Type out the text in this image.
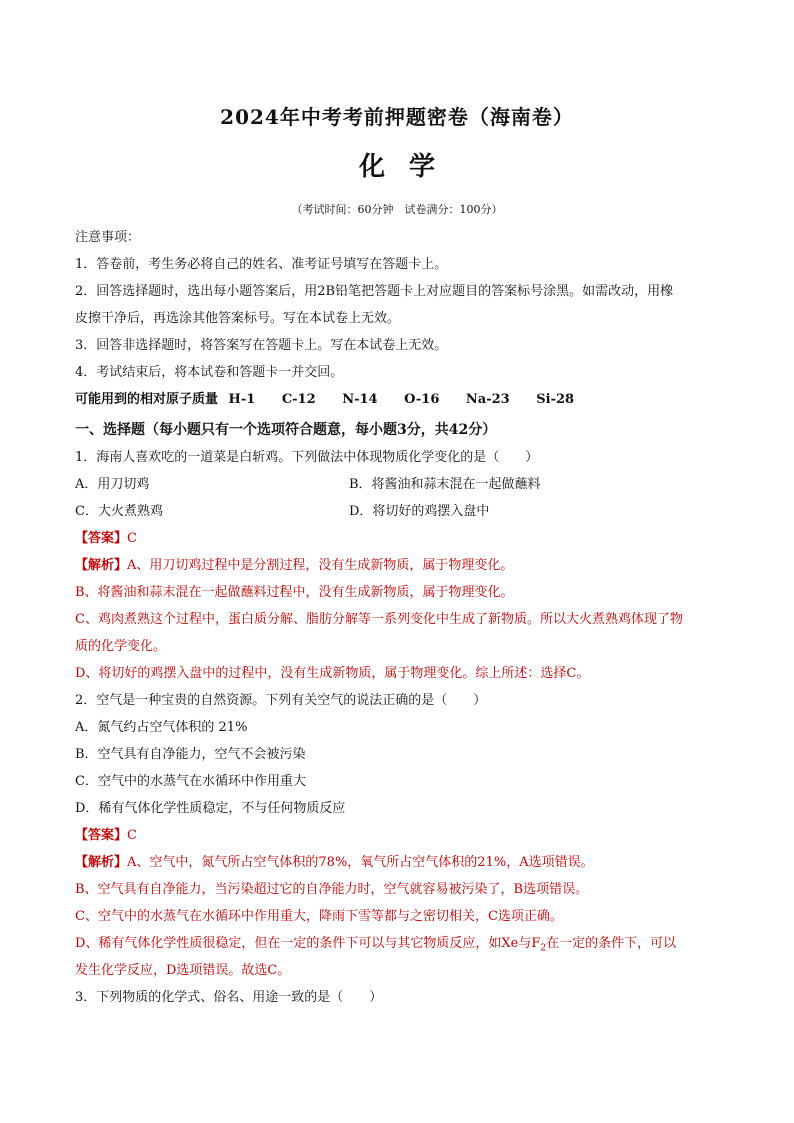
2024年中考考前押题密卷（海南卷）
化学
（考试时间：60分钟　试卷满分：100分）
注意事项：
1．答卷前，考生务必将自己的姓名、准考证号填写在答题卡上。
2．回答选择题时，选出每小题答案后，用2B铅笔把答题卡上对应题目的答案标号涂黑。如需改动，用橡
皮擦干净后，再选涂其他答案标号。写在本试卷上无效。
3．回答非选择题时，将答案写在答题卡上。写在本试卷上无效。
4．考试结束后，将本试卷和答题卡一并交回。
可能用到的相对原子质量 H-1 C-12 N-14 O-16 Na-23 Si-28
一、选择题（每小题只有一个选项符合题意，每小题3分，共42分）
1．海南人喜欢吃的一道菜是白斩鸡。下列做法中体现物质化学变化的是（　　）
A．用刀切鸡	B．将酱油和蒜末混在一起做蘸料
C．大火煮熟鸡	D．将切好的鸡摆入盘中
【答案】C
【解析】A、用刀切鸡过程中是分割过程，没有生成新物质，属于物理变化。
B、将酱油和蒜末混在一起做蘸料过程中，没有生成新物质，属于物理变化。
C、鸡肉煮熟这个过程中，蛋白质分解、脂肪分解等一系列变化中生成了新物质。所以大火煮熟鸡体现了物
质的化学变化。
D、将切好的鸡摆入盘中的过程中，没有生成新物质，属于物理变化。综上所述：选择C。
2．空气是一种宝贵的自然资源。下列有关空气的说法正确的是（　　）
A．氮气约占空气体积的 21%
B．空气具有自净能力，空气不会被污染
C．空气中的水蒸气在水循环中作用重大
D．稀有气体化学性质稳定，不与任何物质反应
【答案】C
【解析】A、空气中，氮气所占空气体积的78%，氧气所占空气体积的21%，A选项错误。
B、空气具有自净能力，当污染超过它的自净能力时，空气就容易被污染了，B选项错误。
C、空气中的水蒸气在水循环中作用重大，降雨下雪等都与之密切相关，C选项正确。
D、稀有气体化学性质很稳定，但在一定的条件下可以与其它物质反应，如Xe与$F_2$在一定的条件下，可以
发生化学反应，D选项错误。故选C。
3．下列物质的化学式、俗名、用途一致的是（　　）
